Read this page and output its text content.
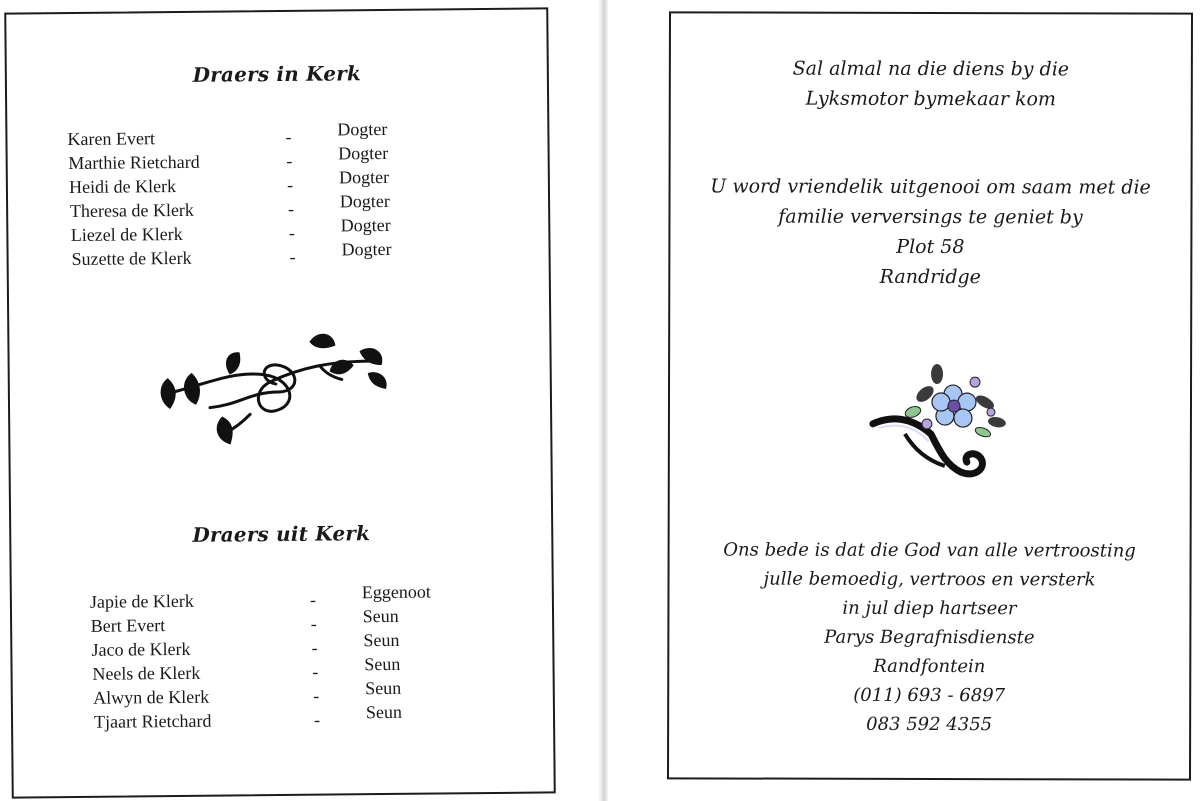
Draers in Kerk
Karen Evert	-	Dogter
Marthie Rietchard	-	Dogter
Heidi de Klerk	-	Dogter
Theresa de Klerk	-	Dogter
Liezel de Klerk	-	Dogter
Suzette de Klerk	-	Dogter
Draers uit Kerk
Japie de Klerk	-	Eggenoot
Bert Evert	-	Seun
Jaco de Klerk	-	Seun
Neels de Klerk	-	Seun
Alwyn de Klerk	-	Seun
Tjaart Rietchard	-	Seun
Sal almal na die diens by die
Lyksmotor bymekaar kom
U word vriendelik uitgenooi om saam met die
familie verversings te geniet by
Plot 58
Randridge
Ons bede is dat die God van alle vertroosting
julle bemoedig, vertroos en versterk
in jul diep hartseer
Parys Begrafnisdienste
Randfontein
(011) 693 - 6897
083 592 4355
